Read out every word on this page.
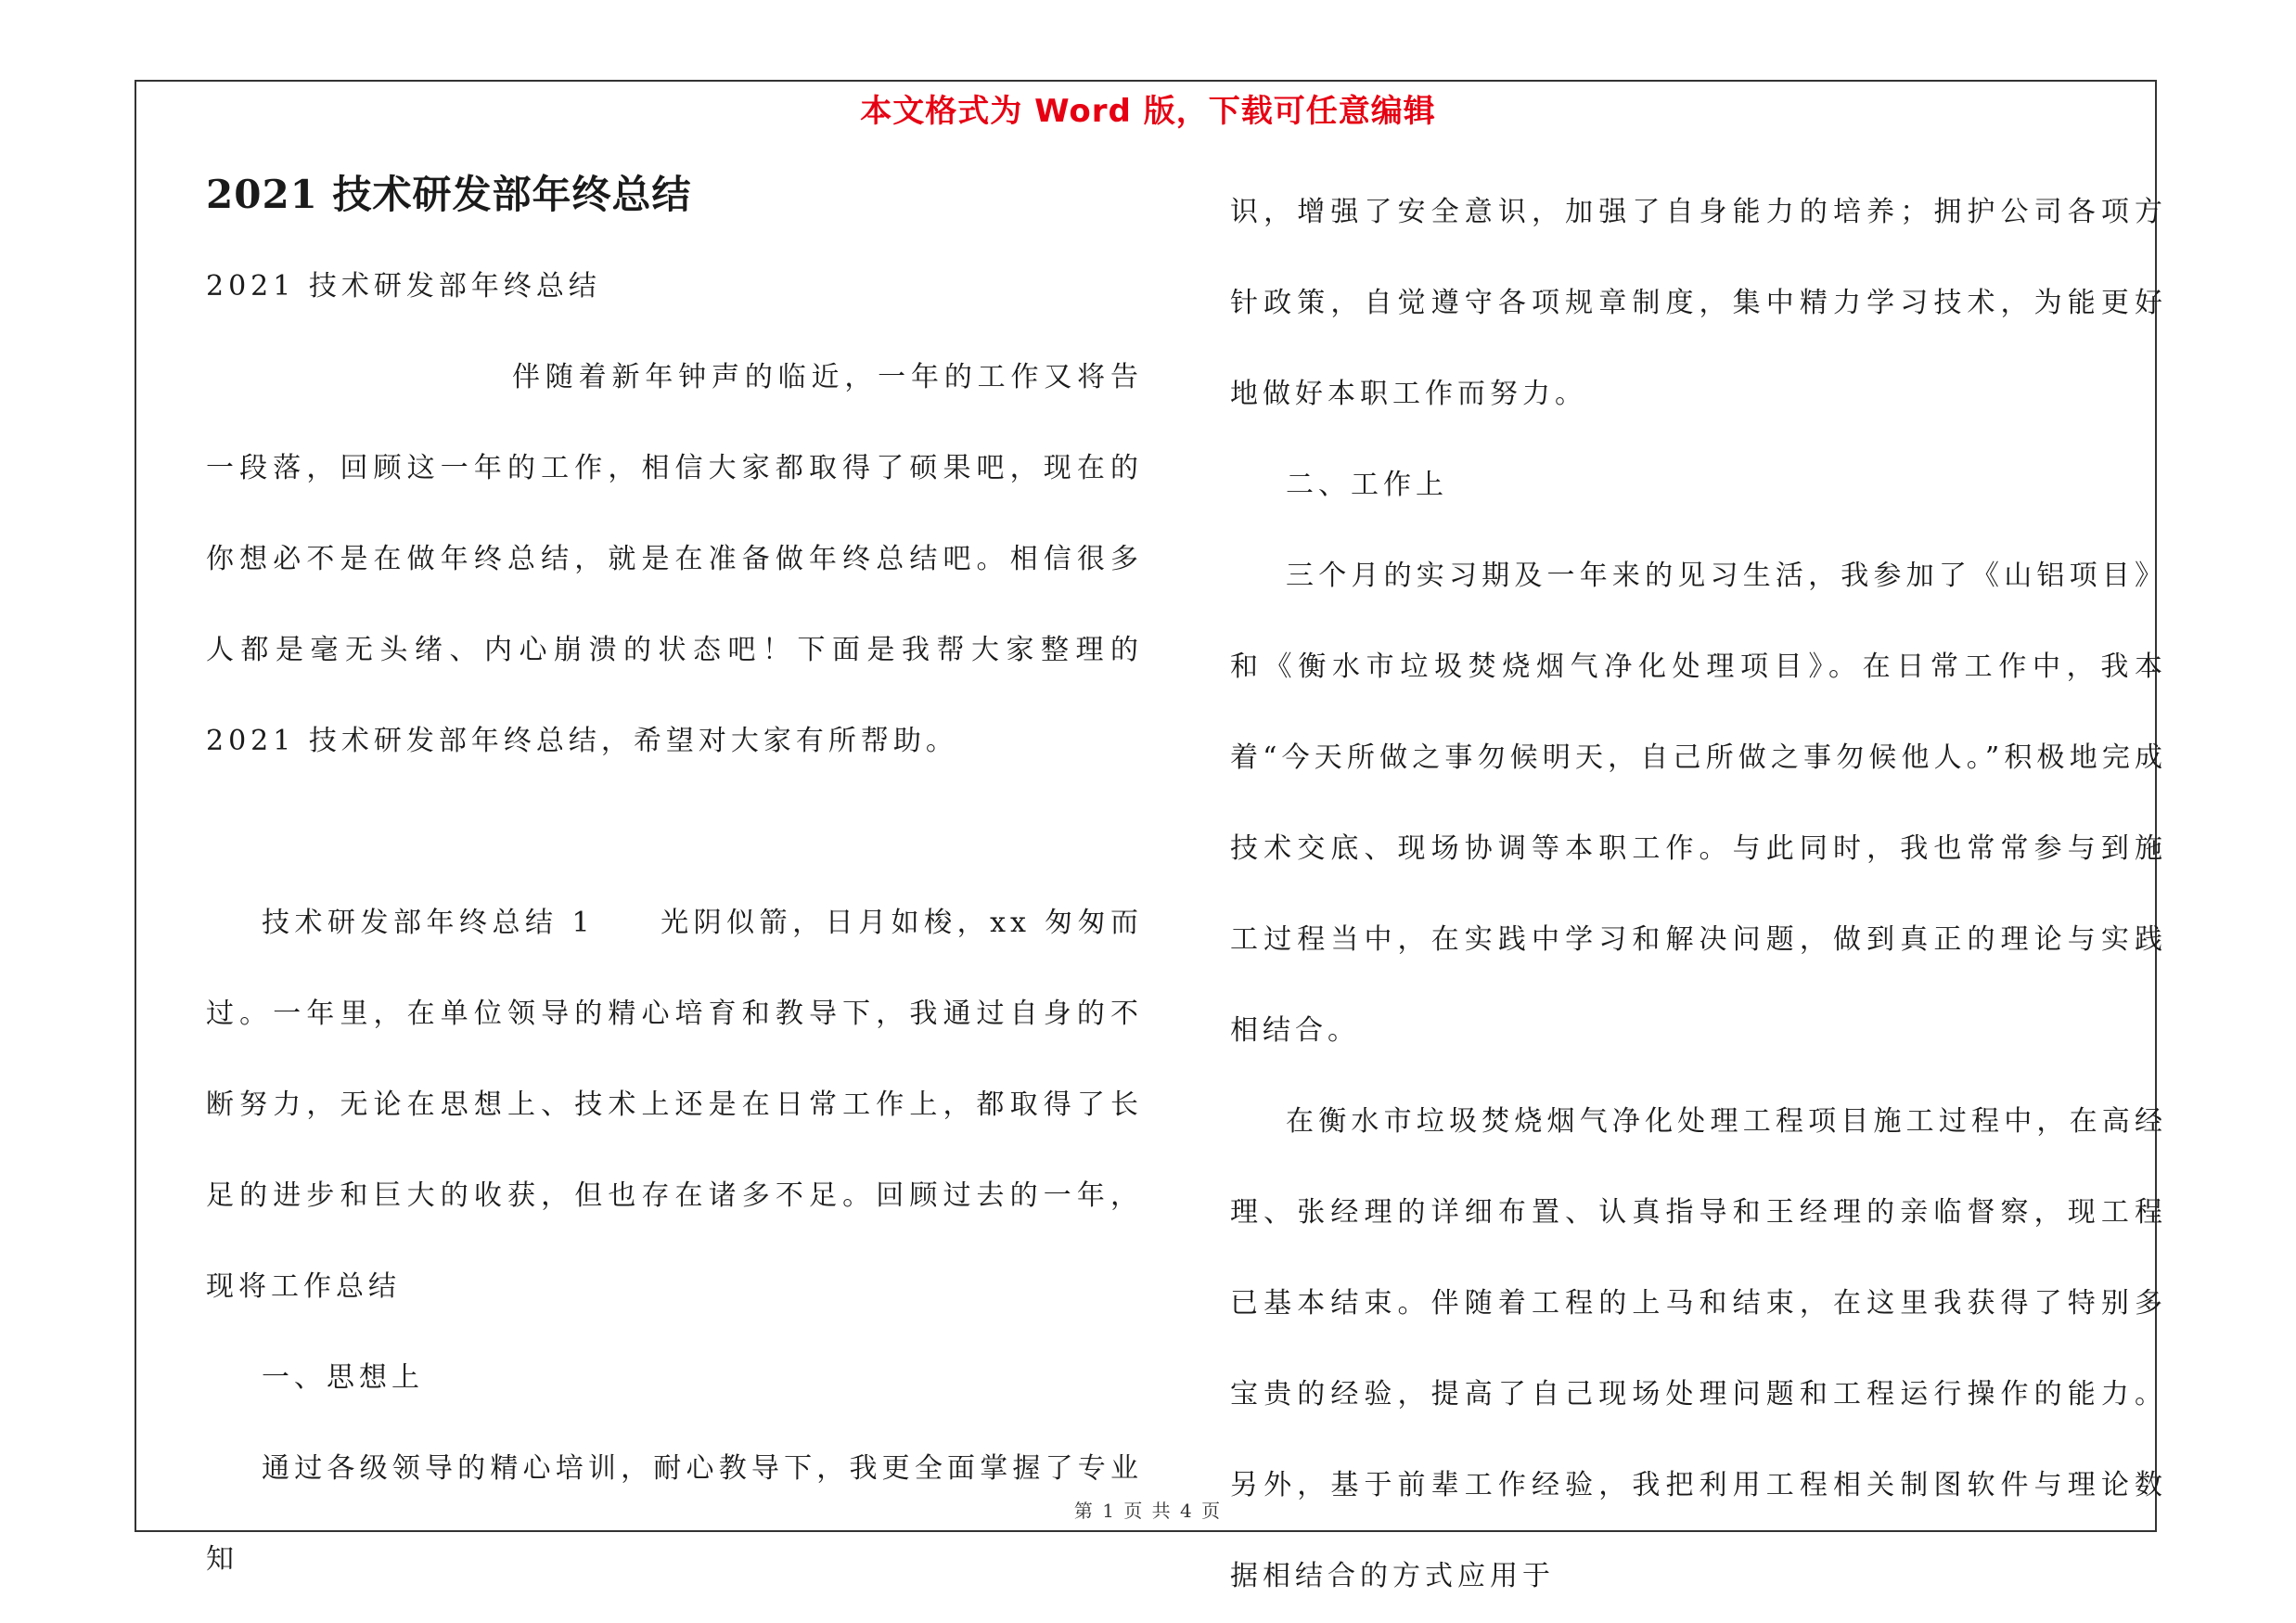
本文格式为 Word 版，下载可任意编辑

2021 技术研发部年终总结

2021 技术研发部年终总结

伴随着新年钟声的临近，一年的工作又将告一段落，回顾这一年的工作，相信大家都取得了硕果吧，现在的你想必不是在做年终总结，就是在准备做年终总结吧。相信很多人都是毫无头绪、内心崩溃的状态吧！下面是我帮大家整理的 2021 技术研发部年终总结，希望对大家有所帮助。

技术研发部年终总结 1　　光阴似箭，日月如梭，xx 匆匆而过。一年里，在单位领导的精心培育和教导下，我通过自身的不断努力，无论在思想上、技术上还是在日常工作上，都取得了长足的进步和巨大的收获，但也存在诸多不足。回顾过去的一年，现将工作总结

一、思想上

通过各级领导的精心培训，耐心教导下，我更全面掌握了专业知

识，增强了安全意识，加强了自身能力的培养；拥护公司各项方针政策，自觉遵守各项规章制度，集中精力学习技术，为能更好地做好本职工作而努力。

二、工作上

三个月的实习期及一年来的见习生活，我参加了《山铝项目》和《衡水市垃圾焚烧烟气净化处理项目》。在日常工作中，我本着“今天所做之事勿候明天，自己所做之事勿候他人。”积极地完成技术交底、现场协调等本职工作。与此同时，我也常常参与到施工过程当中，在实践中学习和解决问题，做到真正的理论与实践相结合。

在衡水市垃圾焚烧烟气净化处理工程项目施工过程中，在高经理、张经理的详细布置、认真指导和王经理的亲临督察，现工程已基本结束。伴随着工程的上马和结束，在这里我获得了特别多宝贵的经验，提高了自己现场处理问题和工程运行操作的能力。另外，基于前辈工作经验，我把利用工程相关制图软件与理论数据相结合的方式应用于

第 1 页 共 4 页
